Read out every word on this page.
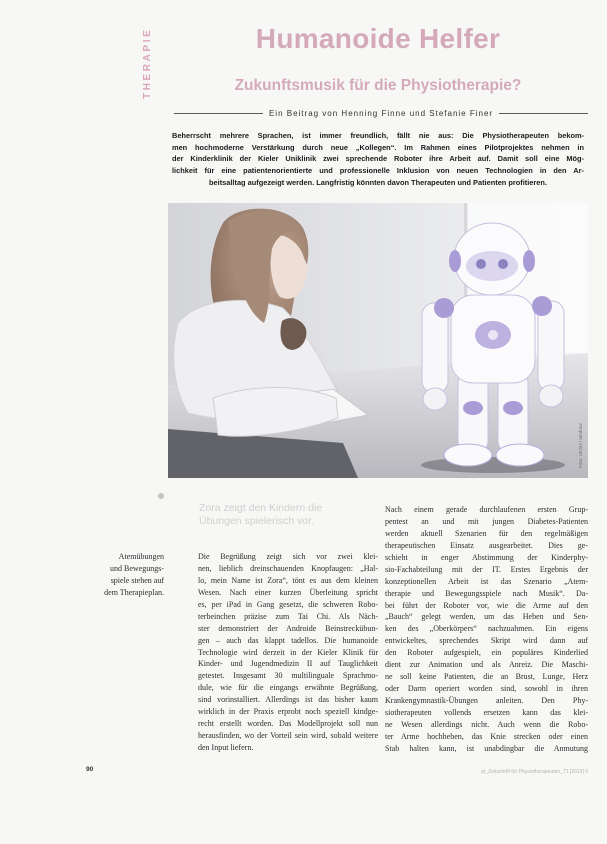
THERAPIE	Humanoide Helfer
Zukunftsmusik für die Physiotherapie?
Ein Beitrag von Henning Finne und Stefanie Finer
Beherrscht mehrere Sprachen, ist immer freundlich, fällt nie aus: Die Physiotherapeuten bekom-
men hochmoderne Verstärkung durch neue „Kollegen“. Im Rahmen eines Pilotprojektes nehmen in
der Kinderklinik der Kieler Uniklinik zwei sprechende Roboter ihre Arbeit auf. Damit soll eine Mög-
lichkeit für eine patientenorientierte und professionelle Inklusion von neuen Technologien in den Ar-
beitsalltag aufgezeigt werden. Langfristig könnten davon Therapeuten und Patienten profitieren.
Foto: UKSH / Modrow
Zora zeigt den Kindern die
Übungen spielerisch vor.
Atemübungen
und Bewegungs-
spiele stehen auf
dem Therapieplan.
Die Begrüßung zeigt sich vor zwei klei-
nen, lieblich dreinschauenden Knopfaugen: „Hal-
lo, mein Name ist Zora“, tönt es aus dem kleinen
Wesen. Nach einer kurzen Überleitung spricht
es, per iPad in Gang gesetzt, die schweren Robo-
terbeinchen präzise zum Tai Chi. Als Näch-
ster demonstriert der Androide Beinstreckübun-
gen – auch das klappt tadellos. Die humanoide
Technologie wird derzeit in der Kieler Klinik für
Kinder- und Jugendmedizin II auf Tauglichkeit
getestet. Insgesamt 30 multilinguale Sprachmo-
dule, wie für die eingangs erwähnte Begrüßung,
sind vorinstalliert. Allerdings ist das bisher kaum
wirklich in der Praxis erprobt noch speziell kindge-
recht erstellt worden. Das Modellprojekt soll nun
herausfinden, wo der Vorteil sein wird, sobald weitere
den Input liefern.
Nach einem gerade durchlaufenen ersten Grup-
pentest an und mit jungen Diabetes-Patienten
werden aktuell Szenarien für den regelmäßigen
therapeutischen Einsatz ausgearbeitet. Dies ge-
schieht in enger Abstimmung der Kinderphy-
sio-Fachabteilung mit der IT. Erstes Ergebnis der
konzeptionellen Arbeit ist das Szenario „Atem-
therapie und Bewegungsspiele nach Musik“. Da-
bei führt der Roboter vor, wie die Arme auf den
„Bauch“ gelegt werden, um das Heben und Sen-
ken des „Oberkörpers“ nachzuahmen. Ein eigens
entwickeltes, sprechendes Skript wird dann auf
den Roboter aufgespielt, ein populäres Kinderlied
dient zur Animation und als Anreiz. Die Maschi-
ne soll keine Patienten, die an Brust, Lunge, Herz
oder Darm operiert worden sind, sowohl in ihren
Krankengymnastik-Übungen anleiten. Den Phy-
siotherapeuten vollends ersetzen kann das klei-
ne Wesen allerdings nicht. Auch wenn die Robo-
ter Arme hochheben, das Knie strecken oder einen
Stab halten kann, ist unabdingbar die Anmutung
90	pt_Zeitschrift für Physiotherapeuten_71 [2019] 6
